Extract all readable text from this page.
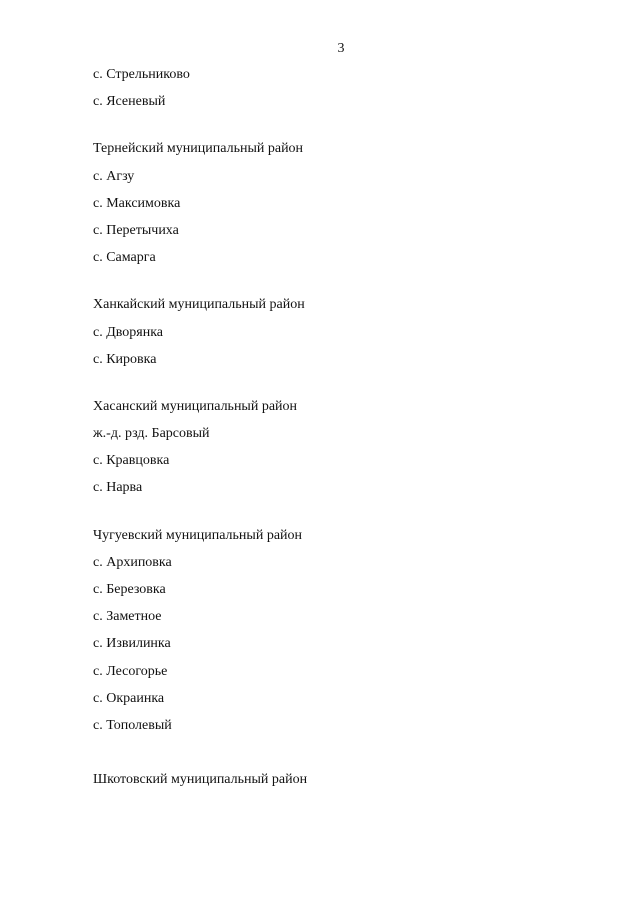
3
с. Стрельниково
с. Ясеневый
Тернейский муниципальный район
с. Агзу
с. Максимовка
с. Перетычиха
с. Самарга
Ханкайский муниципальный район
с. Дворянка
с. Кировка
Хасанский муниципальный район
ж.-д. рзд. Барсовый
с. Кравцовка
с. Нарва
Чугуевский муниципальный район
с. Архиповка
с. Березовка
с. Заметное
с. Извилинка
с. Лесогорье
с. Окраинка
с. Тополевый
Шкотовский муниципальный район
